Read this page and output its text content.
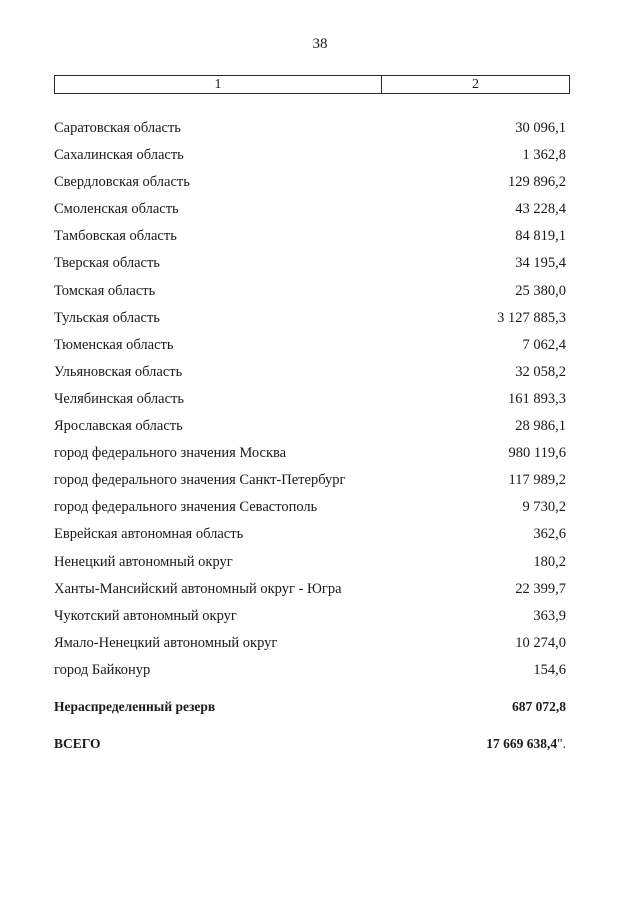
38
1	2
Саратовская область	30 096,1
Сахалинская область	1 362,8
Свердловская область	129 896,2
Смоленская область	43 228,4
Тамбовская область	84 819,1
Тверская область	34 195,4
Томская область	25 380,0
Тульская область	3 127 885,3
Тюменская область	7 062,4
Ульяновская область	32 058,2
Челябинская область	161 893,3
Ярославская область	28 986,1
город федерального значения Москва	980 119,6
город федерального значения Санкт-Петербург	117 989,2
город федерального значения Севастополь	9 730,2
Еврейская автономная область	362,6
Ненецкий автономный округ	180,2
Ханты-Мансийский автономный округ - Югра	22 399,7
Чукотский автономный округ	363,9
Ямало-Ненецкий автономный округ	10 274,0
город Байконур	154,6
Нераспределенный резерв	687 072,8
ВСЕГО	17 669 638,4".
